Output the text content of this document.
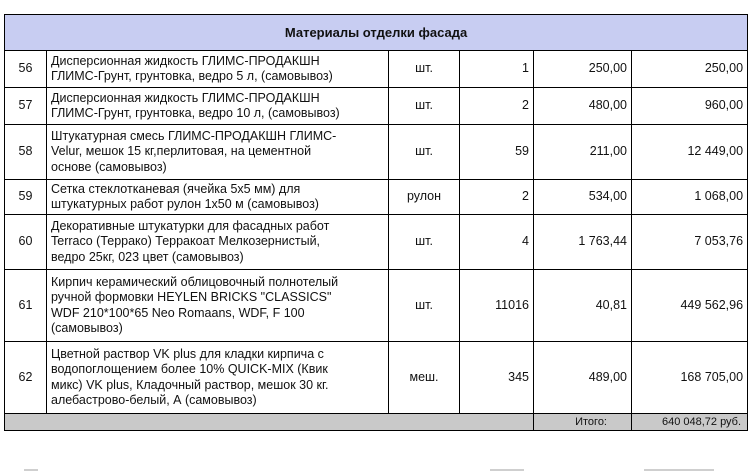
Материалы отделки фасада					
56	Дисперсионная жидкость ГЛИМС-ПРОДАКШН
ГЛИМС-Грунт, грунтовка, ведро 5 л, (самовывоз)	шт.	1	250,00	250,00
57	Дисперсионная жидкость ГЛИМС-ПРОДАКШН
ГЛИМС-Грунт, грунтовка, ведро 10 л, (самовывоз)	шт.	2	480,00	960,00
58	Штукатурная смесь ГЛИМС-ПРОДАКШН ГЛИМС-
Velur, мешок 15 кг,перлитовая, на цементной
основе (самовывоз)	шт.	59	211,00	12 449,00
59	Сетка стеклотканевая (ячейка 5х5 мм) для
штукатурных работ рулон 1х50 м (самовывоз)	рулон	2	534,00	1 068,00
60	Декоративные штукатурки для фасадных работ
Terraco (Террако) Терракоат Мелкозернистый,
ведро 25кг, 023 цвет (самовывоз)	шт.	4	1 763,44	7 053,76
61	Кирпич керамический облицовочный полнотелый
ручной формовки HEYLEN BRICKS "CLASSICS"
WDF 210*100*65 Neo Romaans, WDF, F 100
(самовывоз)	шт.	11016	40,81	449 562,96
62	Цветной раствор VK plus для кладки кирпича с
водопоглощением более 10% QUICK-MIX (Квик
микс) VK plus, Кладочный раствор, мешок 30 кг.
алебастрово-белый, А (самовывоз)	меш.	345	489,00	168 705,00
				Итого:	640 048,72 руб.
